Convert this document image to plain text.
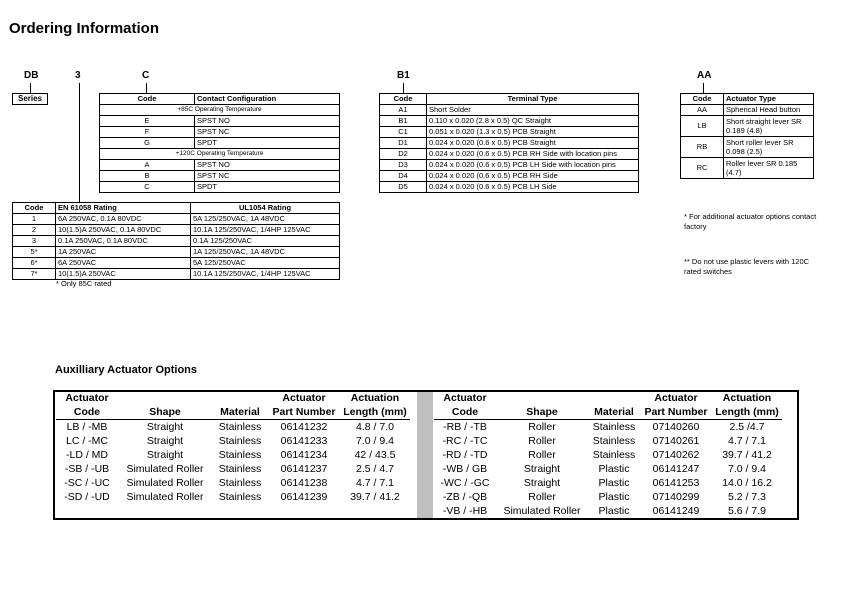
Ordering Information
DB	3	C	B1	AA
Series	Code	Contact Configuration
+85C Operating Temperature	
E	SPST NO
F	SPST NC
G	SPDT
+120C Operating Temperature	
A	SPST NO
B	SPST NC
C	SPDT
Code	EN 61058 Rating	UL1054 Rating
1	6A 250VAC, 0.1A 80VDC	5A 125/250VAC, 1A 48VDC
2	10(1.5)A 250VAC, 0.1A 80VDC	10.1A 125/250VAC, 1/4HP 125VAC
3	0.1A 250VAC, 0.1A 80VDC	0.1A 125/250VAC
5*	1A 250VAC	1A 125/250VAC, 1A 48VDC
6*	6A 250VAC	5A 125/250VAC
7*	10(1.5)A 250VAC	10.1A 125/250VAC, 1/4HP 125VAC
* Only 85C rated
Code	Terminal Type
A1	Short Solder
B1	0.110 x 0.020 (2.8 x 0.5) QC Straight
C1	0.051 x 0.020 (1.3 x 0.5) PCB Straight
D1	0.024 x 0.020 (0.6 x 0.5) PCB Straight
D2	0.024 x 0.020 (0.6 x 0.5) PCB RH Side with location pins
D3	0.024 x 0.020 (0.6 x 0.5) PCB LH Side with location pins
D4	0.024 x 0.020 (0.6 x 0.5) PCB RH Side
D5	0.024 x 0.020 (0.6 x 0.5) PCB LH Side
Code	Actuator Type
AA	Spherical Head button
LB	Short straight lever SR 0.189 (4.8)
RB	Short roller lever SR 0.098 (2.5)
RC	Roller lever SR 0.185 (4.7)
* For additional actuator options contact factory
** Do not use plastic levers with 120C rated switches
Auxilliary Actuator Options
Actuator			Actuator	Actuation
Code	Shape	Material	Part Number	Length (mm)
LB / -MB	Straight	Stainless	06141232	4.8 / 7.0
LC / -MC	Straight	Stainless	06141233	7.0 / 9.4
-LD / MD	Straight	Stainless	06141234	42 / 43.5
-SB / -UB	Simulated Roller	Stainless	06141237	2.5 / 4.7
-SC / -UC	Simulated Roller	Stainless	06141238	4.7 / 7.1
-SD / -UD	Simulated Roller	Stainless	06141239	39.7 / 41.2
Actuator			Actuator	Actuation
Code	Shape	Material	Part Number	Length (mm)
-RB / -TB	Roller	Stainless	07140260	2.5 /4.7
-RC / -TC	Roller	Stainless	07140261	4.7 / 7.1
-RD / -TD	Roller	Stainless	07140262	39.7 / 41.2
-WB / GB	Straight	Plastic	06141247	7.0 / 9.4
-WC / -GC	Straight	Plastic	06141253	14.0 / 16.2
-ZB / -QB	Roller	Plastic	07140299	5.2 / 7.3
-VB / -HB	Simulated Roller	Plastic	06141249	5.6 / 7.9
